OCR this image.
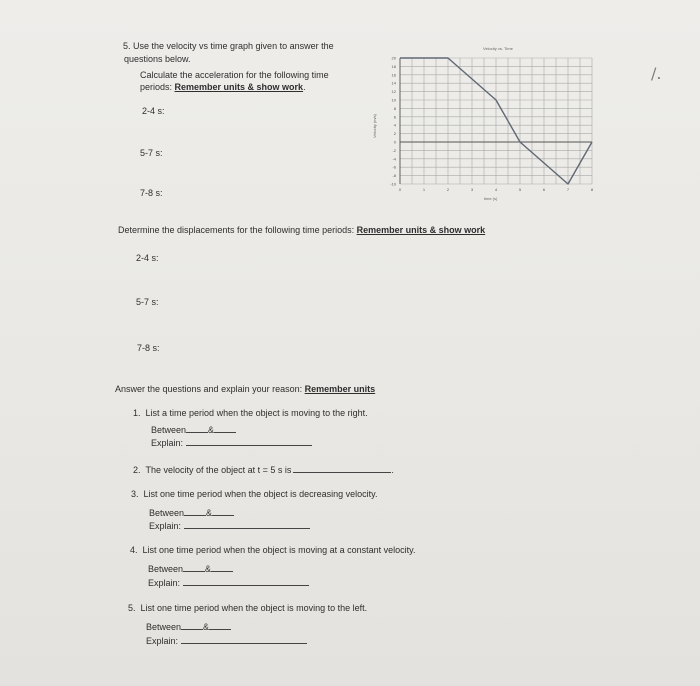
5. Use the velocity vs time graph given to answer the
questions below.
Calculate the acceleration for the following time
periods: Remember units & show work.
2-4 s:
5-7 s:
7-8 s:
Determine the displacements for the following time periods: Remember units & show work
2-4 s:
5-7 s:
7-8 s:
Answer the questions and explain your reason: Remember units
1. List a time period when the object is moving to the right.
Between &
Explain:
2. The velocity of the object at t = 5 s is	.
3. List one time period when the object is decreasing velocity.
Between &
Explain:
4. List one time period when the object is moving at a constant velocity.
Between &
Explain:
5. List one time period when the object is moving to the left.
Between &
Explain:
/.
20
18
16
14
12
10
8
6
4
2
0
-2
-4
-6
-8
-10
0	1	2	3	4	5	6	7	8
Velocity vs. Time
time (s)
Velocity (m/s)
